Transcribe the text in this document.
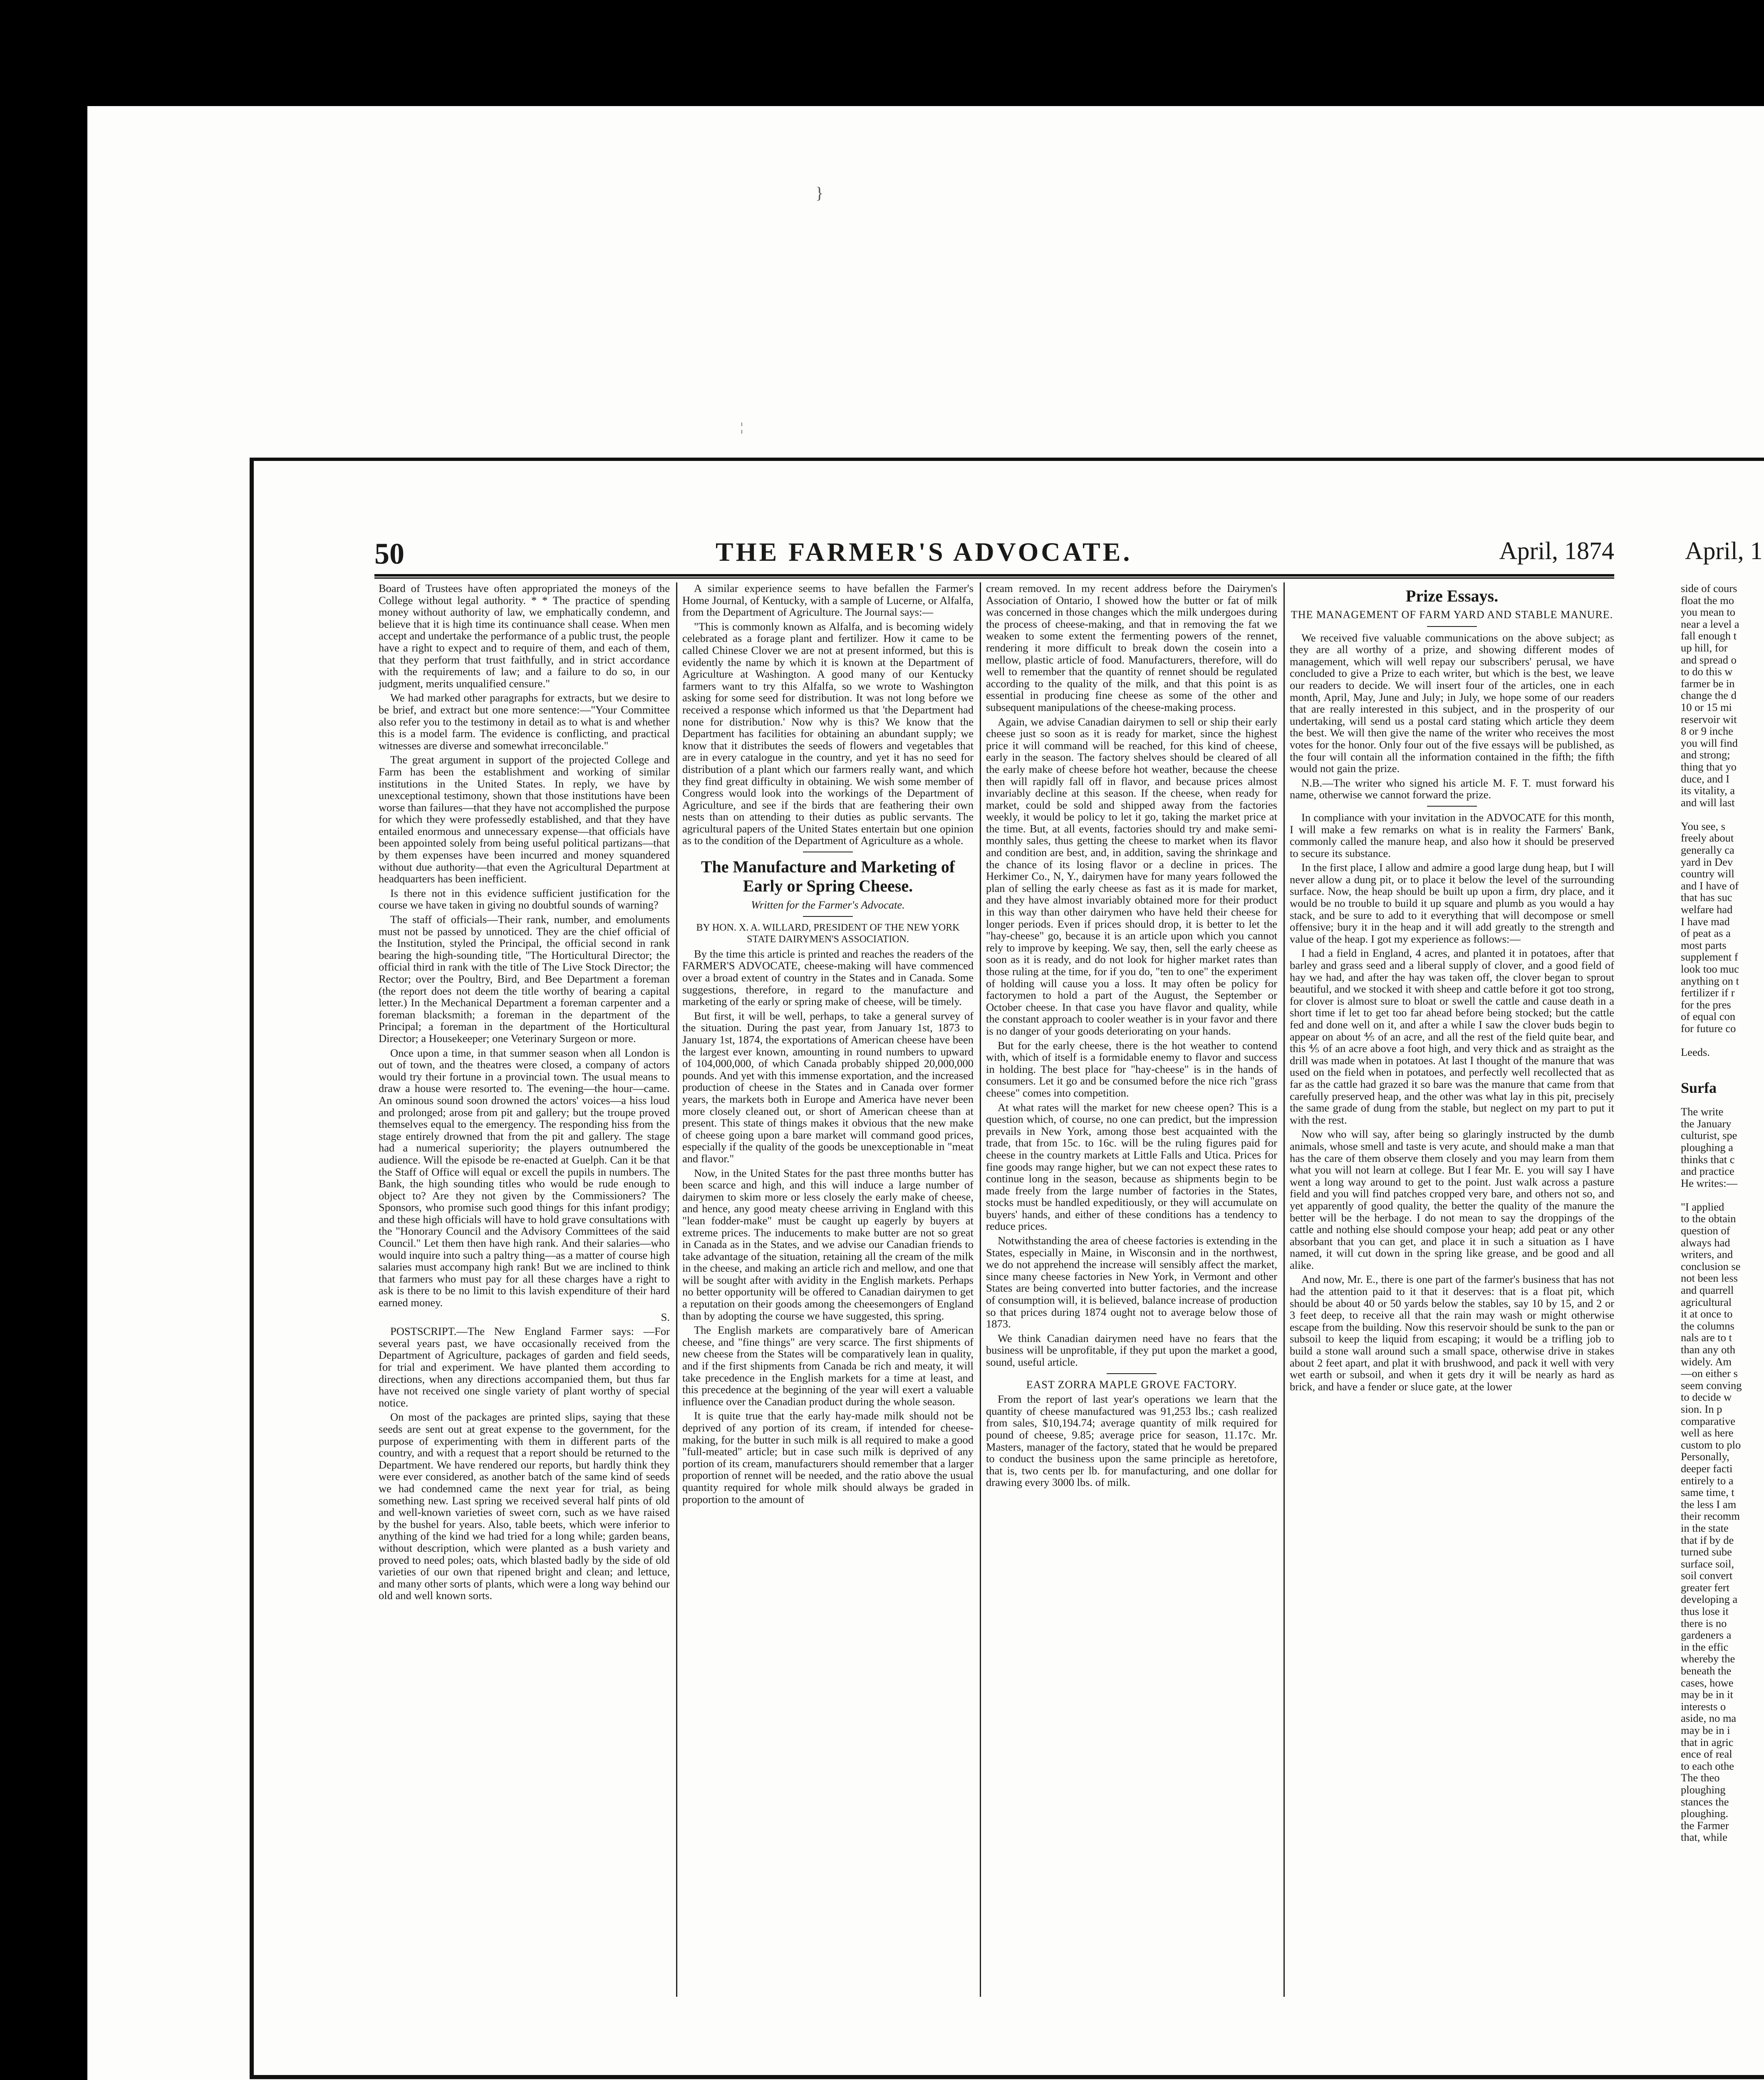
}
¦
50	THE FARMER'S ADVOCATE.	April, 1874	April, 1

Board of Trustees have often appropriated the moneys of the College without legal authority. * * The practice of spending money without authority of law, we emphatically condemn, and believe that it is high time its continuance shall cease. When men accept and undertake the performance of a public trust, the people have a right to expect and to require of them, and each of them, that they perform that trust faithfully, and in strict accordance with the requirements of law; and a failure to do so, in our judgment, merits unqualified censure."

We had marked other paragraphs for extracts, but we desire to be brief, and extract but one more sentence:—"Your Committee also refer you to the testimony in detail as to what is and whether this is a model farm. The evidence is conflicting, and practical witnesses are diverse and somewhat irreconcilable."

The great argument in support of the projected College and Farm has been the establishment and working of similar institutions in the United States. In reply, we have by unexceptional testimony, shown that those institutions have been worse than failures—that they have not accomplished the purpose for which they were professedly established, and that they have entailed enormous and unnecessary expense—that officials have been appointed solely from being useful political partizans—that by them expenses have been incurred and money squandered without due authority—that even the Agricultural Department at headquarters has been inefficient.

Is there not in this evidence sufficient justification for the course we have taken in giving no doubtful sounds of warning?

The staff of officials—Their rank, number, and emoluments must not be passed by unnoticed. They are the chief official of the Institution, styled the Principal, the official second in rank bearing the high-sounding title, "The Horticultural Director; the official third in rank with the title of The Live Stock Director; the Rector; over the Poultry, Bird, and Bee Department a foreman (the report does not deem the title worthy of bearing a capital letter.) In the Mechanical Department a foreman carpenter and a foreman blacksmith; a foreman in the department of the Principal; a foreman in the department of the Horticultural Director; a Housekeeper; one Veterinary Surgeon or more.

Once upon a time, in that summer season when all London is out of town, and the theatres were closed, a company of actors would try their fortune in a provincial town. The usual means to draw a house were resorted to. The evening—the hour—came. An ominous sound soon drowned the actors' voices—a hiss loud and prolonged; arose from pit and gallery; but the troupe proved themselves equal to the emergency. The responding hiss from the stage entirely drowned that from the pit and gallery. The stage had a numerical superiority; the players outnumbered the audience. Will the episode be re-enacted at Guelph. Can it be that the Staff of Office will equal or excell the pupils in numbers. The Bank, the high sounding titles who would be rude enough to object to? Are they not given by the Commissioners? The Sponsors, who promise such good things for this infant prodigy; and these high officials will have to hold grave consultations with the "Honorary Council and the Advisory Committees of the said Council." Let them then have high rank. And their salaries—who would inquire into such a paltry thing—as a matter of course high salaries must accompany high rank! But we are inclined to think that farmers who must pay for all these charges have a right to ask is there to be no limit to this lavish expenditure of their hard earned money.

S.

POSTSCRIPT.—The New England Farmer says: —For several years past, we have occasionally received from the Department of Agriculture, packages of garden and field seeds, for trial and experiment. We have planted them according to directions, when any directions accompanied them, but thus far have not received one single variety of plant worthy of special notice.

On most of the packages are printed slips, saying that these seeds are sent out at great expense to the government, for the purpose of experimenting with them in different parts of the country, and with a request that a report should be returned to the Department. We have rendered our reports, but hardly think they were ever considered, as another batch of the same kind of seeds we had condemned came the next year for trial, as being something new. Last spring we received several half pints of old and well-known varieties of sweet corn, such as we have raised by the bushel for years. Also, table beets, which were inferior to anything of the kind we had tried for a long while; garden beans, without description, which were planted as a bush variety and proved to need poles; oats, which blasted badly by the side of old varieties of our own that ripened bright and clean; and lettuce, and many other sorts of plants, which were a long way behind our old and well known sorts.

A similar experience seems to have befallen the Farmer's Home Journal, of Kentucky, with a sample of Lucerne, or Alfalfa, from the Department of Agriculture. The Journal says:—

"This is commonly known as Alfalfa, and is becoming widely celebrated as a forage plant and fertilizer. How it came to be called Chinese Clover we are not at present informed, but this is evidently the name by which it is known at the Department of Agriculture at Washington. A good many of our Kentucky farmers want to try this Alfalfa, so we wrote to Washington asking for some seed for distribution. It was not long before we received a response which informed us that 'the Department had none for distribution.' Now why is this? We know that the Department has facilities for obtaining an abundant supply; we know that it distributes the seeds of flowers and vegetables that are in every catalogue in the country, and yet it has no seed for distribution of a plant which our farmers really want, and which they find great difficulty in obtaining. We wish some member of Congress would look into the workings of the Department of Agriculture, and see if the birds that are feathering their own nests than on attending to their duties as public servants. The agricultural papers of the United States entertain but one opinion as to the condition of the Department of Agriculture as a whole.

The Manufacture and Marketing of Early or Spring Cheese.
Written for the Farmer's Advocate.
BY HON. X. A. WILLARD, PRESIDENT OF THE NEW YORK STATE DAIRYMEN'S ASSOCIATION.

By the time this article is printed and reaches the readers of the FARMER'S ADVOCATE, cheese-making will have commenced over a broad extent of country in the States and in Canada. Some suggestions, therefore, in regard to the manufacture and marketing of the early or spring make of cheese, will be timely.

But first, it will be well, perhaps, to take a general survey of the situation. During the past year, from January 1st, 1873 to January 1st, 1874, the exportations of American cheese have been the largest ever known, amounting in round numbers to upward of 104,000,000, of which Canada probably shipped 20,000,000 pounds. And yet with this immense exportation, and the increased production of cheese in the States and in Canada over former years, the markets both in Europe and America have never been more closely cleaned out, or short of American cheese than at present. This state of things makes it obvious that the new make of cheese going upon a bare market will command good prices, especially if the quality of the goods be unexceptionable in "meat and flavor."

Now, in the United States for the past three months butter has been scarce and high, and this will induce a large number of dairymen to skim more or less closely the early make of cheese, and hence, any good meaty cheese arriving in England with this "lean fodder-make" must be caught up eagerly by buyers at extreme prices. The inducements to make butter are not so great in Canada as in the States, and we advise our Canadian friends to take advantage of the situation, retaining all the cream of the milk in the cheese, and making an article rich and mellow, and one that will be sought after with avidity in the English markets. Perhaps no better opportunity will be offered to Canadian dairymen to get a reputation on their goods among the cheesemongers of England than by adopting the course we have suggested, this spring.

The English markets are comparatively bare of American cheese, and "fine things" are very scarce. The first shipments of new cheese from the States will be comparatively lean in quality, and if the first shipments from Canada be rich and meaty, it will take precedence in the English markets for a time at least, and this precedence at the beginning of the year will exert a valuable influence over the Canadian product during the whole season.

It is quite true that the early hay-made milk should not be deprived of any portion of its cream, if intended for cheese-making, for the butter in such milk is all required to make a good "full-meated" article; but in case such milk is deprived of any portion of its cream, manufacturers should remember that a larger proportion of rennet will be needed, and the ratio above the usual quantity required for whole milk should always be graded in proportion to the amount of

cream removed. In my recent address before the Dairymen's Association of Ontario, I showed how the butter or fat of milk was concerned in those changes which the milk undergoes during the process of cheese-making, and that in removing the fat we weaken to some extent the fermenting powers of the rennet, rendering it more difficult to break down the cosein into a mellow, plastic article of food. Manufacturers, therefore, will do well to remember that the quantity of rennet should be regulated according to the quality of the milk, and that this point is as essential in producing fine cheese as some of the other and subsequent manipulations of the cheese-making process.

Again, we advise Canadian dairymen to sell or ship their early cheese just so soon as it is ready for market, since the highest price it will command will be reached, for this kind of cheese, early in the season. The factory shelves should be cleared of all the early make of cheese before hot weather, because the cheese then will rapidly fall off in flavor, and because prices almost invariably decline at this season. If the cheese, when ready for market, could be sold and shipped away from the factories weekly, it would be policy to let it go, taking the market price at the time. But, at all events, factories should try and make semi-monthly sales, thus getting the cheese to market when its flavor and condition are best, and, in addition, saving the shrinkage and the chance of its losing flavor or a decline in prices. The Herkimer Co., N, Y., dairymen have for many years followed the plan of selling the early cheese as fast as it is made for market, and they have almost invariably obtained more for their product in this way than other dairymen who have held their cheese for longer periods. Even if prices should drop, it is better to let the "hay-cheese" go, because it is an article upon which you cannot rely to improve by keeping. We say, then, sell the early cheese as soon as it is ready, and do not look for higher market rates than those ruling at the time, for if you do, "ten to one" the experiment of holding will cause you a loss. It may often be policy for factorymen to hold a part of the August, the September or October cheese. In that case you have flavor and quality, while the constant approach to cooler weather is in your favor and there is no danger of your goods deteriorating on your hands.

But for the early cheese, there is the hot weather to contend with, which of itself is a formidable enemy to flavor and success in holding. The best place for "hay-cheese" is in the hands of consumers. Let it go and be consumed before the nice rich "grass cheese" comes into competition.

At what rates will the market for new cheese open? This is a question which, of course, no one can predict, but the impression prevails in New York, among those best acquainted with the trade, that from 15c. to 16c. will be the ruling figures paid for cheese in the country markets at Little Falls and Utica. Prices for fine goods may range higher, but we can not expect these rates to continue long in the season, because as shipments begin to be made freely from the large number of factories in the States, stocks must be handled expeditiously, or they will accumulate on buyers' hands, and either of these conditions has a tendency to reduce prices.

Notwithstanding the area of cheese factories is extending in the States, especially in Maine, in Wisconsin and in the northwest, we do not apprehend the increase will sensibly affect the market, since many cheese factories in New York, in Vermont and other States are being converted into butter factories, and the increase of consumption will, it is believed, balance increase of production so that prices during 1874 ought not to average below those of 1873.

We think Canadian dairymen need have no fears that the business will be unprofitable, if they put upon the market a good, sound, useful article.

EAST ZORRA MAPLE GROVE FACTORY.

From the report of last year's operations we learn that the quantity of cheese manufactured was 91,253 lbs.; cash realized from sales, $10,194.74; average quantity of milk required for pound of cheese, 9.85; average price for season, 11.17c. Mr. Masters, manager of the factory, stated that he would be prepared to conduct the business upon the same principle as heretofore, that is, two cents per lb. for manufacturing, and one dollar for drawing every 3000 lbs. of milk.

Prize Essays.
THE MANAGEMENT OF FARM YARD AND STABLE MANURE.

We received five valuable communications on the above subject; as they are all worthy of a prize, and showing different modes of management, which will well repay our subscribers' perusal, we have concluded to give a Prize to each writer, but which is the best, we leave our readers to decide. We will insert four of the articles, one in each month, April, May, June and July; in July, we hope some of our readers that are really interested in this subject, and in the prosperity of our undertaking, will send us a postal card stating which article they deem the best. We will then give the name of the writer who receives the most votes for the honor. Only four out of the five essays will be published, as the four will contain all the information contained in the fifth; the fifth would not gain the prize.

N.B.—The writer who signed his article M. F. T. must forward his name, otherwise we cannot forward the prize.

In compliance with your invitation in the ADVOCATE for this month, I will make a few remarks on what is in reality the Farmers' Bank, commonly called the manure heap, and also how it should be preserved to secure its substance.

In the first place, I allow and admire a good large dung heap, but I will never allow a dung pit, or to place it below the level of the surrounding surface. Now, the heap should be built up upon a firm, dry place, and it would be no trouble to build it up square and plumb as you would a hay stack, and be sure to add to it everything that will decompose or smell offensive; bury it in the heap and it will add greatly to the strength and value of the heap. I got my experience as follows:—

I had a field in England, 4 acres, and planted it in potatoes, after that barley and grass seed and a liberal supply of clover, and a good field of hay we had, and after the hay was taken off, the clover began to sprout beautiful, and we stocked it with sheep and cattle before it got too strong, for clover is almost sure to bloat or swell the cattle and cause death in a short time if let to get too far ahead before being stocked; but the cattle fed and done well on it, and after a while I saw the clover buds begin to appear on about ⅘ of an acre, and all the rest of the field quite bear, and this ⅘ of an acre above a foot high, and very thick and as straight as the drill was made when in potatoes. At last I thought of the manure that was used on the field when in potatoes, and perfectly well recollected that as far as the cattle had grazed it so bare was the manure that came from that carefully preserved heap, and the other was what lay in this pit, precisely the same grade of dung from the stable, but neglect on my part to put it with the rest.

Now who will say, after being so glaringly instructed by the dumb animals, whose smell and taste is very acute, and should make a man that has the care of them observe them closely and you may learn from them what you will not learn at college. But I fear Mr. E. you will say I have went a long way around to get to the point. Just walk across a pasture field and you will find patches cropped very bare, and others not so, and yet apparently of good quality, the better the quality of the manure the better will be the herbage. I do not mean to say the droppings of the cattle and nothing else should compose your heap; add peat or any other absorbant that you can get, and place it in such a situation as I have named, it will cut down in the spring like grease, and be good and all alike.

And now, Mr. E., there is one part of the farmer's business that has not had the attention paid to it that it deserves: that is a float pit, which should be about 40 or 50 yards below the stables, say 10 by 15, and 2 or 3 feet deep, to receive all that the rain may wash or might otherwise escape from the building. Now this reservoir should be sunk to the pan or subsoil to keep the liquid from escaping; it would be a trifling job to build a stone wall around such a small space, otherwise drive in stakes about 2 feet apart, and plat it with brushwood, and pack it well with very wet earth or subsoil, and when it gets dry it will be nearly as hard as brick, and have a fender or sluce gate, at the lower

side of cours
float the mo
you mean to
near a level a
fall enough t
up hill, for
and spread o
to do this w
farmer be in
change the d
10 or 15 mi
reservoir wit
8 or 9 inche
you will find
and strong;
thing that yo
duce, and I
its vitality, a
and will last
You see, s
freely about
generally ca
yard in Dev
country will
and I have of
that has suc
welfare had
I have mad
of peat as a
most parts
supplement f
look too muc
anything on t
fertilizer if r
for the pres
of equal con
for future co
Leeds.
Surfa
The write
the January
culturist, spe
ploughing a
thinks that c
and practice
He writes:—
"I applied
to the obtain
question of
always had
writers, and
conclusion se
not been less
and quarrell
agricultural
it at once to
the columns
nals are to t
than any oth
widely. Am
—on either s
seem conving
to decide w
sion. In p
comparative
well as here
custom to plo
Personally,
deeper facti
entirely to a
same time, t
the less I am
their recomm
in the state
that if by de
turned sube
surface soil,
soil convert
greater fert
developing a
thus lose it
there is no
gardeners a
in the effic
whereby the
beneath the
cases, howe
may be in it
interests o
aside, no ma
may be in i
that in agric
ence of real
to each othe
The theo
ploughing
stances the
ploughing.
the Farmer
that, while
